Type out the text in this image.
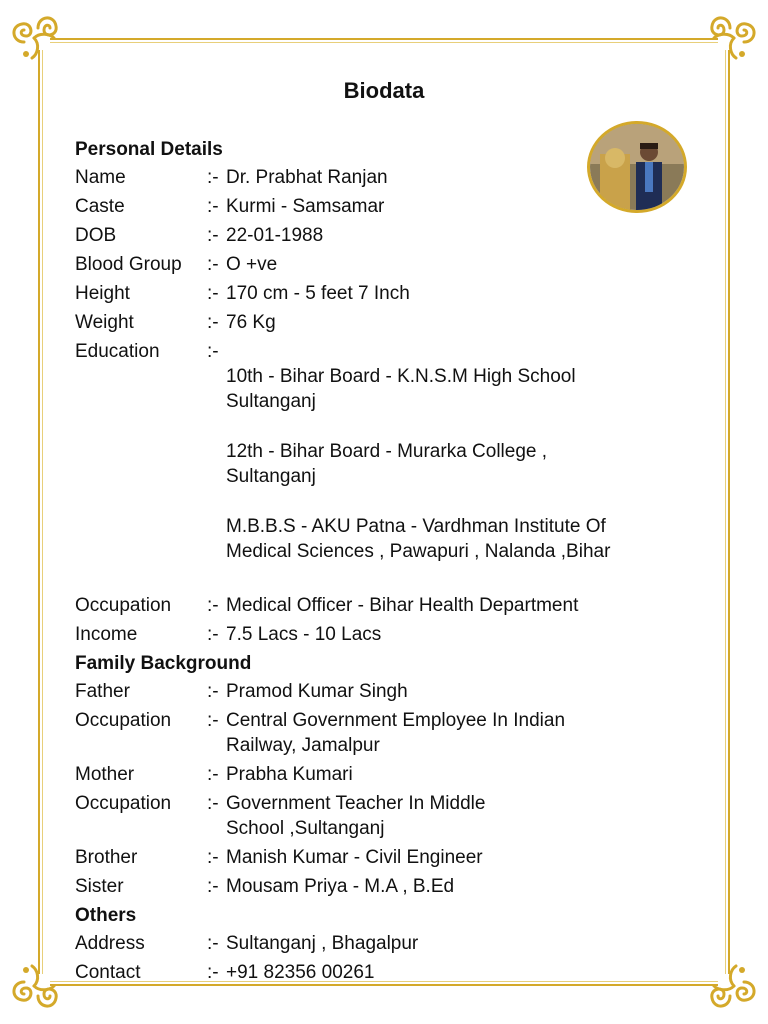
Biodata
Personal Details
Name	:- Dr. Prabhat Ranjan
Caste	:- Kurmi - Samsamar
DOB	:- 22-01-1988
Blood Group	:- O +ve
Height	:- 170 cm - 5 feet 7 Inch
Weight	:- 76 Kg
Education	:-

10th - Bihar Board - K.N.S.M High School
Sultanganj

12th - Bihar Board - Murarka College ,
Sultanganj

M.B.B.S - AKU Patna - Vardhman Institute Of
Medical Sciences , Pawapuri , Nalanda ,Bihar

Occupation	:- Medical Officer - Bihar Health Department
Income	:- 7.5 Lacs - 10 Lacs
Family Background
Father	:- Pramod Kumar Singh
Occupation	:- Central Government Employee In Indian
Railway, Jamalpur
Mother	:- Prabha Kumari
Occupation	:- Government Teacher In Middle
School ,Sultanganj
Brother	:- Manish Kumar - Civil Engineer
Sister	:- Mousam Priya - M.A , B.Ed
Others
Address	:- Sultanganj , Bhagalpur
Contact	:- +91 82356 00261
